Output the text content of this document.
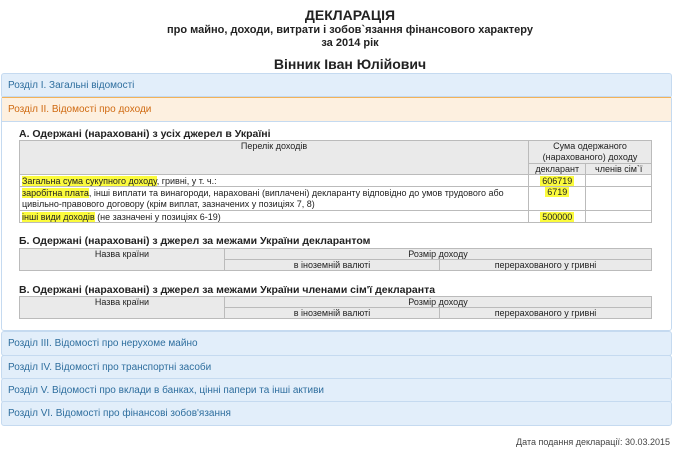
ДЕКЛАРАЦІЯ
про майно, доходи, витрати і зобов`язання фінансового характеру
за 2014 рік
Вінник Іван Юлійович
Розділ І. Загальні відомості
Розділ ІІ. Відомості про доходи
А. Одержані (нараховані) з усіх джерел в Україні
Перелік доходів	Сума одержаного (нарахованого) доходу	
	декларант	членів сім`ї
Загальна сума сукупного доходу, гривні, у т. ч.:	606719	
заробітна плата, інші виплати та винагороди, нараховані (виплачені) декларанту відповідно до умов трудового або цивільно-правового договору (крім виплат, зазначених у позиціях 7, 8)	6719	
інші види доходів (не зазначені у позиціях 6-19)	500000	
Б. Одержані (нараховані) з джерел за межами України декларантом
Назва країни	Розмір доходу	
	в іноземній валюті	перерахованого у гривні
В. Одержані (нараховані) з джерел за межами України членами сім'ї декларанта
Назва країни	Розмір доходу	
	в іноземній валюті	перерахованого у гривні
Розділ ІІІ. Відомості про нерухоме майно
Розділ IV. Відомості про транспортні засоби
Розділ V. Відомості про вклади в банках, цінні папери та інші активи
Розділ VI. Відомості про фінансові зобов'язання
Дата подання декларації: 30.03.2015
